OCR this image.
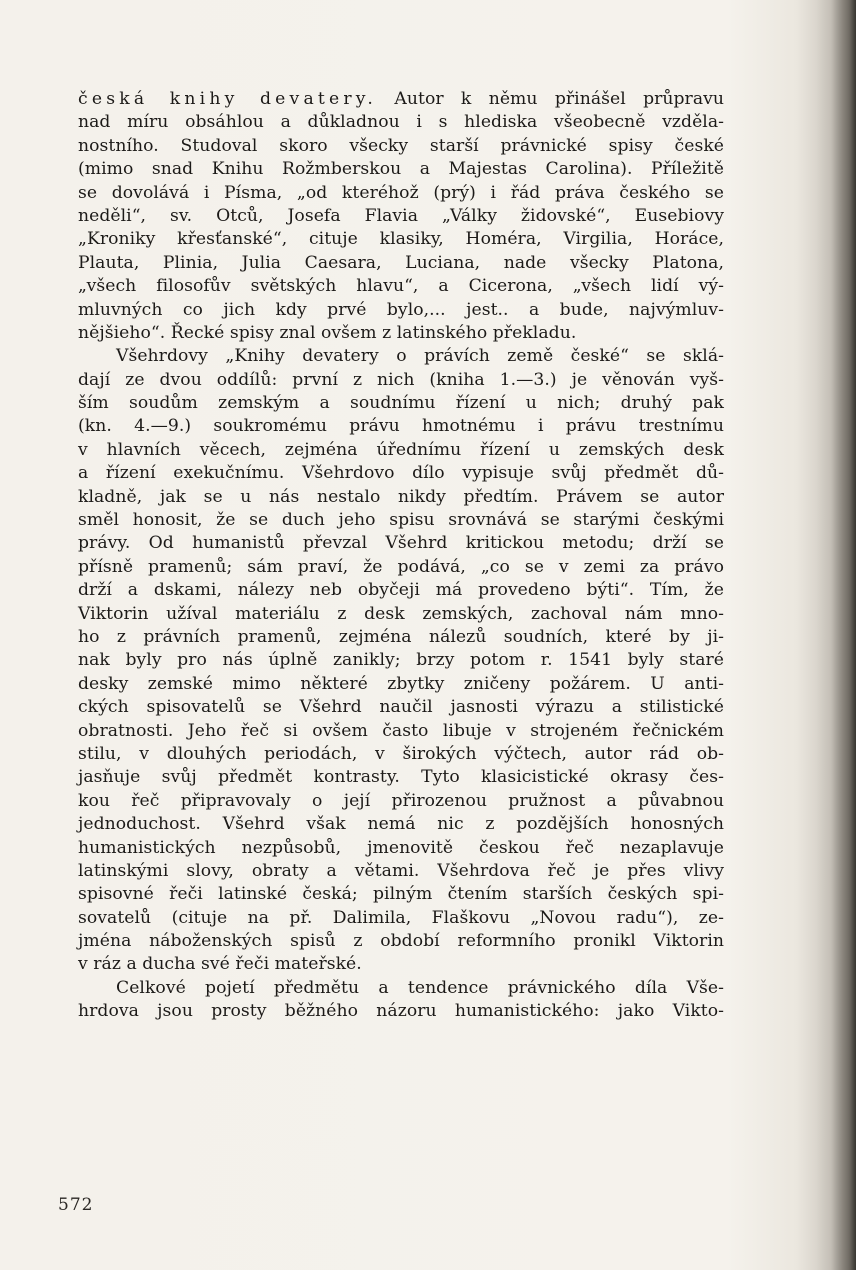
česká knihy devatery. Autor k němu přinášel průpravu
nad míru obsáhlou a důkladnou i s hlediska všeobecně vzděla-
nostního. Studoval skoro všecky starší právnické spisy české
(mimo snad Knihu Rožmberskou a Majestas Carolina). Příležitě
se dovolává i Písma, „od kteréhož (prý) i řád práva českého se
neděli“, sv. Otců, Josefa Flavia „Války židovské“, Eusebiovy
„Kroniky křesťanské“, cituje klasiky, Homéra, Virgilia, Horáce,
Plauta, Plinia, Julia Caesara, Luciana, nade všecky Platona,
„všech filosofův světských hlavu“, a Cicerona, „všech lidí vý-
mluvných co jich kdy prvé bylo,... jest.. a bude, najvýmluv-
nějšieho“. Řecké spisy znal ovšem z latinského překladu.
Všehrdovy „Knihy devatery o právích země české“ se sklá-
dají ze dvou oddílů: první z nich (kniha 1.—3.) je věnován vyš-
ším soudům zemským a soudnímu řízení u nich; druhý pak
(kn. 4.—9.) soukromému právu hmotnému i právu trestnímu
v hlavních věcech, zejména úřednímu řízení u zemských desk
a řízení exekučnímu. Všehrdovo dílo vypisuje svůj předmět dů-
kladně, jak se u nás nestalo nikdy předtím. Právem se autor
směl honosit, že se duch jeho spisu srovnává se starými českými
právy. Od humanistů převzal Všehrd kritickou metodu; drží se
přísně pramenů; sám praví, že podává, „co se v zemi za právo
drží a dskami, nálezy neb obyčeji má provedeno býti“. Tím, že
Viktorin užíval materiálu z desk zemských, zachoval nám mno-
ho z právních pramenů, zejména nálezů soudních, které by ji-
nak byly pro nás úplně zanikly; brzy potom r. 1541 byly staré
desky zemské mimo některé zbytky zničeny požárem. U anti-
ckých spisovatelů se Všehrd naučil jasnosti výrazu a stilistické
obratnosti. Jeho řeč si ovšem často libuje v strojeném řečnickém
stilu, v dlouhých periodách, v širokých výčtech, autor rád ob-
jasňuje svůj předmět kontrasty. Tyto klasicistické okrasy čes-
kou řeč připravovaly o její přirozenou pružnost a půvabnou
jednoduchost. Všehrd však nemá nic z pozdějších honosných
humanistických nezpůsobů, jmenovitě českou řeč nezaplavuje
latinskými slovy, obraty a větami. Všehrdova řeč je přes vlivy
spisovné řeči latinské česká; pilným čtením starších českých spi-
sovatelů (cituje na př. Dalimila, Flaškovu „Novou radu“), ze-
jména náboženských spisů z období reformního pronikl Viktorin
v ráz a ducha své řeči mateřské.
Celkové pojetí předmětu a tendence právnického díla Vše-
hrdova jsou prosty běžného názoru humanistického: jako Vikto-
572
